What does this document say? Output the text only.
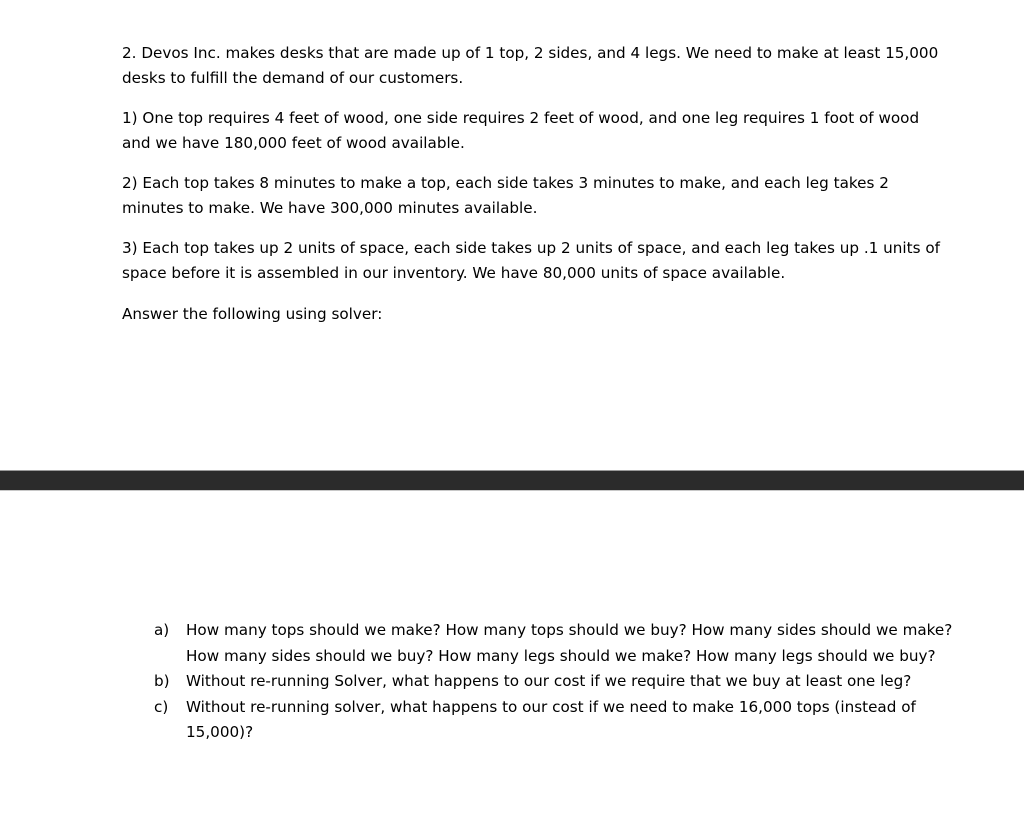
2. Devos Inc. makes desks that are made up of 1 top, 2 sides, and 4 legs. We need to make at least 15,000 desks to fulfill the demand of our customers.

1) One top requires 4 feet of wood, one side requires 2 feet of wood, and one leg requires 1 foot of wood and we have 180,000 feet of wood available.

2) Each top takes 8 minutes to make a top, each side takes 3 minutes to make, and each leg takes 2 minutes to make. We have 300,000 minutes available.

3) Each top takes up 2 units of space, each side takes up 2 units of space, and each leg takes up .1 units of space before it is assembled in our inventory. We have 80,000 units of space available.

Answer the following using solver:

a)	How many tops should we make? How many tops should we buy? How many sides should we make? How many sides should we buy? How many legs should we make? How many legs should we buy?
b)	Without re-running Solver, what happens to our cost if we require that we buy at least one leg?
c)	Without re-running solver, what happens to our cost if we need to make 16,000 tops (instead of 15,000)?
